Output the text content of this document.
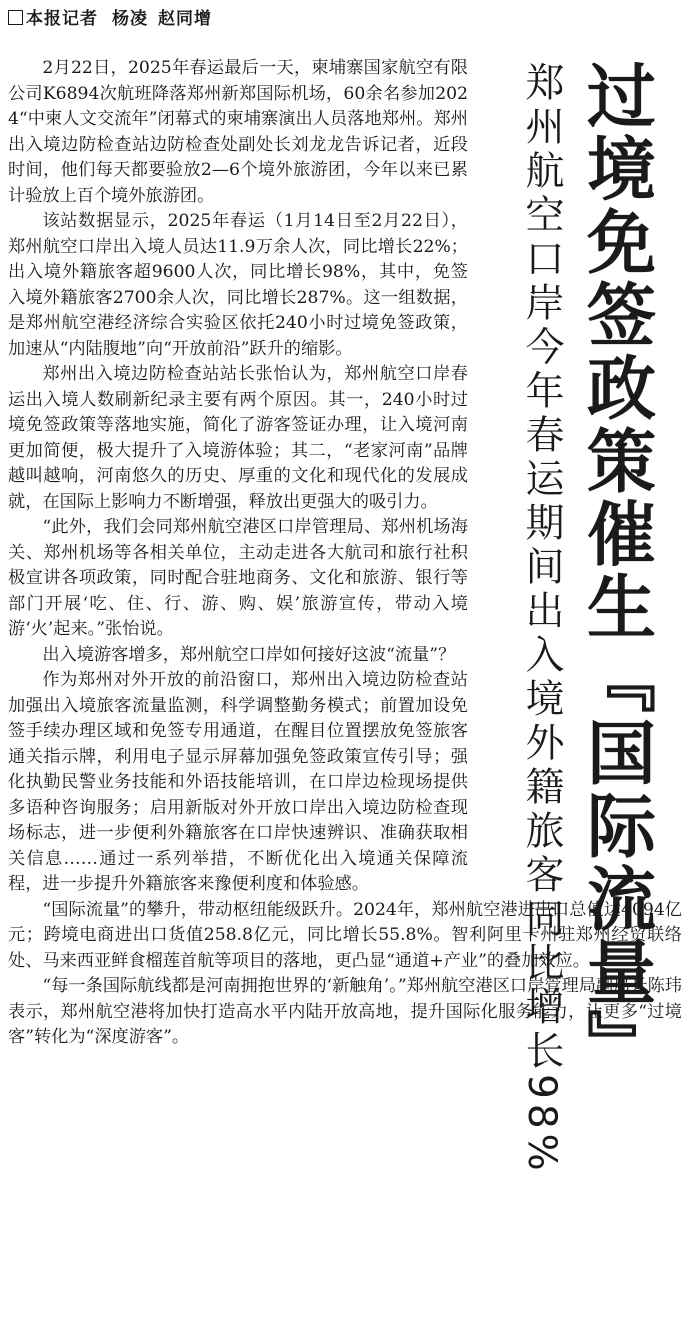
本报记者 杨凌 赵同增
过境免签政策催生『国际流量』
郑州航空口岸今年春运期间出入境外籍旅客同比增长98%

2月22日，2025年春运最后一天，柬埔寨国家航空有限公司K6894次航班降落郑州新郑国际机场，60余名参加2024“中柬人文交流年”闭幕式的柬埔寨演出人员落地郑州。郑州出入境边防检查站边防检查处副处长刘龙龙告诉记者，近段时间，他们每天都要验放2—6个境外旅游团，今年以来已累计验放上百个境外旅游团。

该站数据显示，2025年春运（1月14日至2月22日），郑州航空口岸出入境人员达11.9万余人次，同比增长22%；出入境外籍旅客超9600人次，同比增长98%，其中，免签入境外籍旅客2700余人次，同比增长287%。这一组数据，是郑州航空港经济综合实验区依托240小时过境免签政策，加速从“内陆腹地”向“开放前沿”跃升的缩影。

郑州出入境边防检查站站长张怡认为，郑州航空口岸春运出入境人数刷新纪录主要有两个原因。其一，240小时过境免签政策等落地实施，简化了游客签证办理，让入境河南更加简便，极大提升了入境游体验；其二，“老家河南”品牌越叫越响，河南悠久的历史、厚重的文化和现代化的发展成就，在国际上影响力不断增强，释放出更强大的吸引力。

“此外，我们会同郑州航空港区口岸管理局、郑州机场海关、郑州机场等各相关单位，主动走进各大航司和旅行社积极宣讲各项政策，同时配合驻地商务、文化和旅游、银行等部门开展‘吃、住、行、游、购、娱’旅游宣传，带动入境游‘火’起来。”张怡说。

出入境游客增多，郑州航空口岸如何接好这波“流量”？

作为郑州对外开放的前沿窗口，郑州出入境边防检查站加强出入境旅客流量监测，科学调整勤务模式；前置加设免签手续办理区域和免签专用通道，在醒目位置摆放免签旅客通关指示牌，利用电子显示屏幕加强免签政策宣传引导；强化执勤民警业务技能和外语技能培训，在口岸边检现场提供多语种咨询服务；启用新版对外开放口岸出入境边防检查现场标志，进一步便利外籍旅客在口岸快速辨识、准确获取相关信息……通过一系列举措，不断优化出入境通关保障流程，进一步提升外籍旅客来豫便利度和体验感。

“国际流量”的攀升，带动枢纽能级跃升。2024年，郑州航空港进出口总值达4094亿元；跨境电商进出口货值258.8亿元，同比增长55.8%。智利阿里卡州驻郑州经贸联络处、马来西亚鲜食榴莲首航等项目的落地，更凸显“通道+产业”的叠加效应。

“每一条国际航线都是河南拥抱世界的‘新触角’。”郑州航空港区口岸管理局副局长陈玮表示，郑州航空港将加快打造高水平内陆开放高地，提升国际化服务能力，让更多“过境客”转化为“深度游客”。
